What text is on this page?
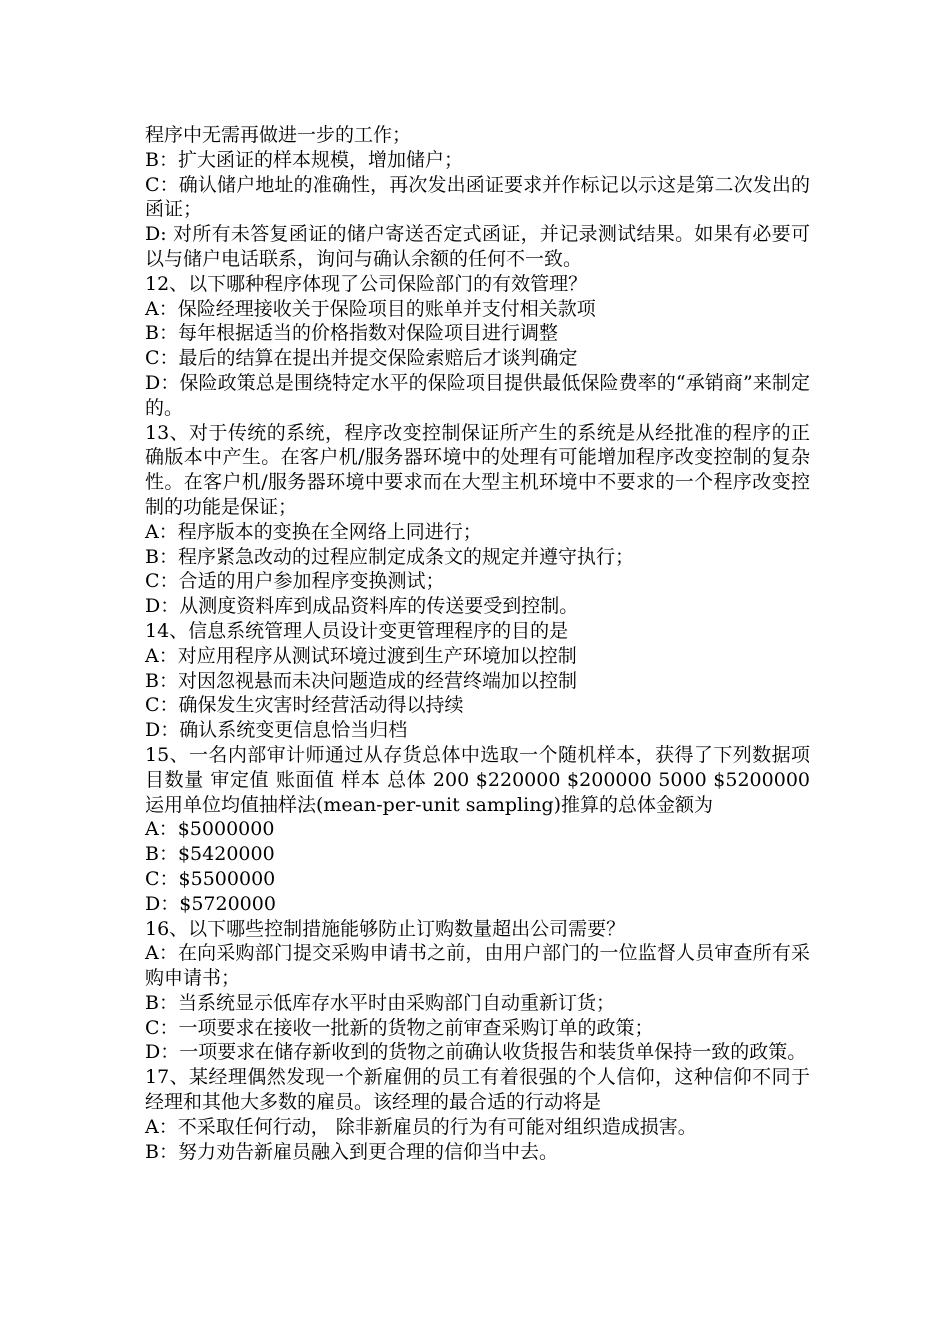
程序中无需再做进一步的工作；
B：扩大函证的样本规模，增加储户；
C：确认储户地址的准确性，再次发出函证要求并作标记以示这是第二次发出的函证；
D: 对所有未答复函证的储户寄送否定式函证，并记录测试结果。如果有必要可以与储户电话联系，询问与确认余额的任何不一致。
12、以下哪种程序体现了公司保险部门的有效管理？
A：保险经理接收关于保险项目的账单并支付相关款项
B：每年根据适当的价格指数对保险项目进行调整
C：最后的结算在提出并提交保险索赔后才谈判确定
D：保险政策总是围绕特定水平的保险项目提供最低保险费率的“承销商”来制定的。
13、对于传统的系统，程序改变控制保证所产生的系统是从经批准的程序的正确版本中产生。在客户机/服务器环境中的处理有可能增加程序改变控制的复杂性。在客户机/服务器环境中要求而在大型主机环境中不要求的一个程序改变控制的功能是保证；
A：程序版本的变换在全网络上同进行；
B：程序紧急改动的过程应制定成条文的规定并遵守执行；
C：合适的用户参加程序变换测试；
D：从测度资料库到成品资料库的传送要受到控制。
14、信息系统管理人员设计变更管理程序的目的是
A：对应用程序从测试环境过渡到生产环境加以控制
B：对因忽视悬而未决问题造成的经营终端加以控制
C：确保发生灾害时经营活动得以持续
D：确认系统变更信息恰当归档
15、一名内部审计师通过从存货总体中选取一个随机样本，获得了下列数据项目数量 审定值 账面值 样本 总体 200 $220000 $200000 5000 $5200000 运用单位均值抽样法(mean-per-unit sampling)推算的总体金额为
A：$5000000
B：$5420000
C：$5500000
D：$5720000
16、以下哪些控制措施能够防止订购数量超出公司需要？
A：在向采购部门提交采购申请书之前，由用户部门的一位监督人员审查所有采购申请书；
B：当系统显示低库存水平时由采购部门自动重新订货；
C：一项要求在接收一批新的货物之前审查采购订单的政策；
D：一项要求在储存新收到的货物之前确认收货报告和装货单保持一致的政策。
17、某经理偶然发现一个新雇佣的员工有着很强的个人信仰，这种信仰不同于经理和其他大多数的雇员。该经理的最合适的行动将是
A：不采取任何行动， 除非新雇员的行为有可能对组织造成损害。
B：努力劝告新雇员融入到更合理的信仰当中去。
